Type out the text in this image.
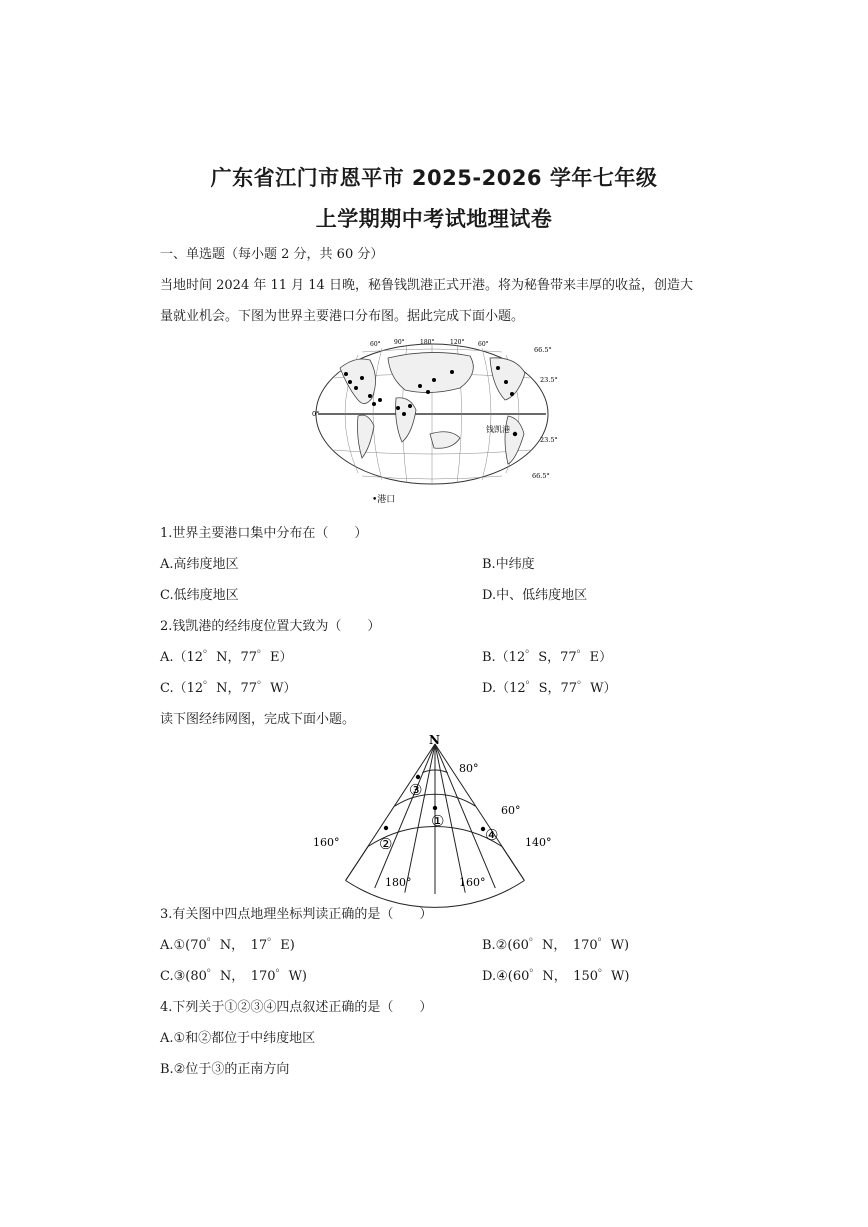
广东省江门市恩平市 2025-2026 学年七年级
上学期期中考试地理试卷
一、单选题（每小题 2 分，共 60 分）
当地时间 2024 年 11 月 14 日晚，秘鲁钱凯港正式开港。将为秘鲁带来丰厚的收益，创造大
量就业机会。下图为世界主要港口分布图。据此完成下面小题。
66.5°
23.5°
0°
23.5°
66.5°
60° 90°	180°	120° 60°
钱凯港
•港口
1.世界主要港口集中分布在（　　）
A.高纬度地区	B.中纬度
C.低纬度地区	D.中、低纬度地区
2.钱凯港的经纬度位置大致为（　　）
A.（12゜N，77゜E）	B.（12゜S，77゜E）
C.（12゜N，77゜W）	D.（12゜S，77゜W）
读下图经纬网图，完成下面小题。
N
80°
60°
160°	140°
180°	160°
③
①
②	④
3.有关图中四点地理坐标判读正确的是（　　）
A.①(70゜N，　17゜E)	B.②(60゜N，　170゜W)
C.③(80゜N，　170゜W)	D.④(60゜N，　150゜W)
4.下列关于①②③④四点叙述正确的是（　　）
A.①和②都位于中纬度地区
B.②位于③的正南方向
